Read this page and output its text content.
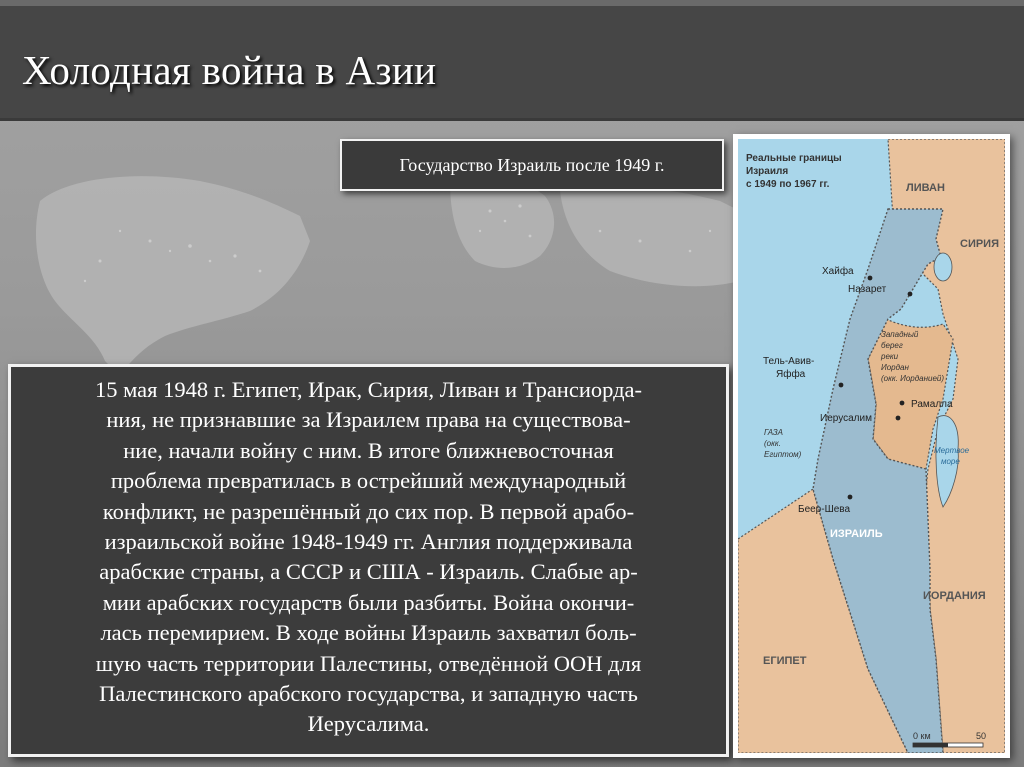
Холодная война в Азии
Государство Израиль после 1949 г.

15 мая 1948 г. Египет, Ирак, Сирия, Ливан и Трансиорда-
ния, не признавшие за Израилем права на существова-
ние, начали войну с ним. В итоге ближневосточная
проблема превратилась в острейший международный
конфликт, не разрешённый до сих пор. В первой арабо-
израильской войне 1948-1949 гг. Англия поддерживала
арабские страны, а СССР и США - Израиль. Слабые ар-
мии арабских государств были разбиты. Война окончи-
лась перемирием. В ходе войны Израиль захватил боль-
шую часть территории Палестины, отведённой ООН для
Палестинского арабского государства, и западную часть
Иерусалима.

Реальные границы
Израиля
с 1949 по 1967 гг.	ЛИВАН
СИРИЯ
ИЗРАИЛЬ
ИОРДАНИЯ
ЕГИПЕТ
Хайфа
Назарет
Тель-Авив-
Яффа
Иерусалим
Рамалла
Беер-Шева
Западный
берег
реки
Иордан
(окк. Иорданией)
ГАЗА
(окк.
Египтом)	Мертвое
море
0 км	50
